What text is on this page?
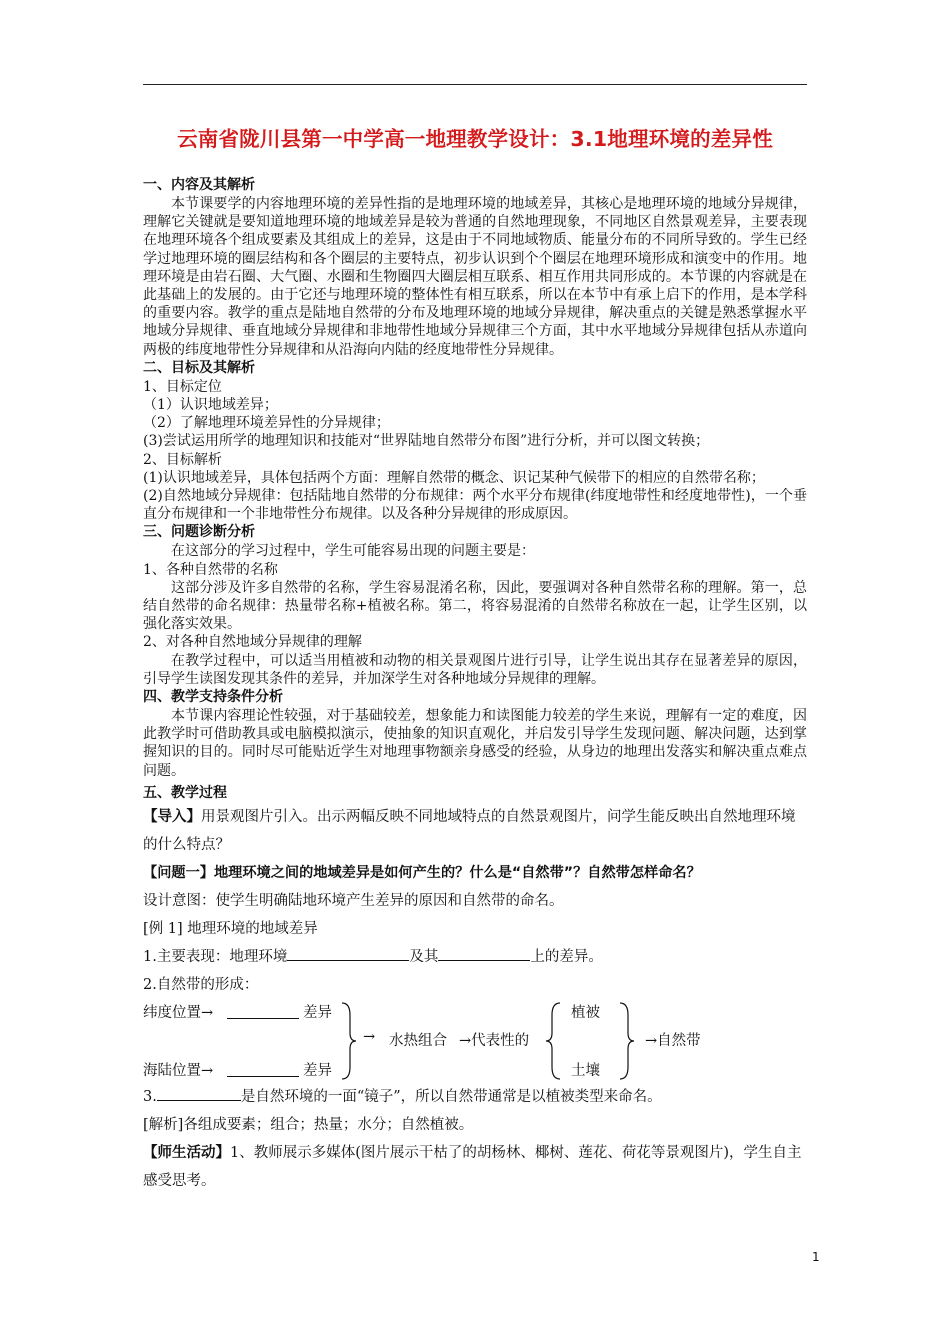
云南省陇川县第一中学高一地理教学设计：3.1地理环境的差异性

一、内容及其解析

本节课要学的内容地理环境的差异性指的是地理环境的地域差异，其核心是地理环境的地域分异规律，理解它关键就是要知道地理环境的地域差异是较为普通的自然地理现象，不同地区自然景观差异，主要表现在地理环境各个组成要素及其组成上的差异，这是由于不同地域物质、能量分布的不同所导致的。学生已经学过地理环境的圈层结构和各个圈层的主要特点，初步认识到个个圈层在地理环境形成和演变中的作用。地理环境是由岩石圈、大气圈、水圈和生物圈四大圈层相互联系、相互作用共同形成的。本节课的内容就是在此基础上的发展的。由于它还与地理环境的整体性有相互联系，所以在本节中有承上启下的作用，是本学科的重要内容。教学的重点是陆地自然带的分布及地理环境的地域分异规律，解决重点的关键是熟悉掌握水平地域分异规律、垂直地域分异规律和非地带性地域分异规律三个方面，其中水平地域分异规律包括从赤道向两极的纬度地带性分异规律和从沿海向内陆的经度地带性分异规律。

二、目标及其解析

1、目标定位

（1）认识地域差异；

（2）了解地理环境差异性的分异规律；

(3)尝试运用所学的地理知识和技能对“世界陆地自然带分布图”进行分析，并可以图文转换；

2、目标解析

(1)认识地域差异，具体包括两个方面：理解自然带的概念、识记某种气候带下的相应的自然带名称；

(2)自然地域分异规律：包括陆地自然带的分布规律：两个水平分布规律(纬度地带性和经度地带性)，一个垂直分布规律和一个非地带性分布规律。以及各种分异规律的形成原因。

三、问题诊断分析

在这部分的学习过程中，学生可能容易出现的问题主要是：

1、各种自然带的名称

这部分涉及许多自然带的名称，学生容易混淆名称，因此，要强调对各种自然带名称的理解。第一，总结自然带的命名规律：热量带名称+植被名称。第二，将容易混淆的自然带名称放在一起，让学生区别，以强化落实效果。

2、对各种自然地域分异规律的理解

在教学过程中，可以适当用植被和动物的相关景观图片进行引导，让学生说出其存在显著差异的原因，引导学生读图发现其条件的差异，并加深学生对各种地域分异规律的理解。

四、教学支持条件分析

本节课内容理论性较强，对于基础较差，想象能力和读图能力较差的学生来说，理解有一定的难度，因此教学时可借助教具或电脑模拟演示，使抽象的知识直观化，并启发引导学生发现问题、解决问题，达到掌握知识的目的。同时尽可能贴近学生对地理事物额亲身感受的经验，从身边的地理出发落实和解决重点难点问题。

五、教学过程

【导入】用景观图片引入。出示两幅反映不同地域特点的自然景观图片，问学生能反映出自然地理环境的什么特点？

【问题一】地理环境之间的地域差异是如何产生的？什么是“自然带”？自然带怎样命名？

设计意图：使学生明确陆地环境产生差异的原因和自然带的命名。

[例 1] 地理环境的地域差异

1.主要表现：地理环境	及其	上的差异。

2.自然带的形成：

纬度位置→	差异
海陆位置→	差异
→ 水热组合 →代表性的
植被
土壤
→自然带

3.	是自然环境的一面“镜子”，所以自然带通常是以植被类型来命名。

[解析]各组成要素；组合；热量；水分；自然植被。

【师生活动】1、教师展示多媒体(图片展示干枯了的胡杨林、椰树、莲花、荷花等景观图片)，学生自主感受思考。

1
